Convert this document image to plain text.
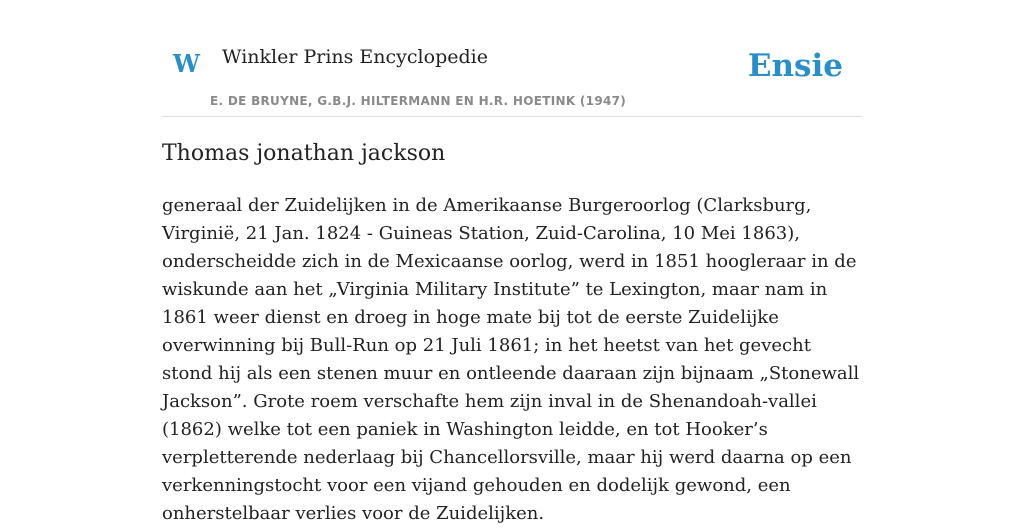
W Winkler Prins Encyclopedie
E. DE BRUYNE, G.B.J. HILTERMANN EN H.R. HOETINK (1947)
Ensie
Thomas jonathan jackson

generaal der Zuidelijken in de Amerikaanse Burgeroorlog (Clarksburg, Virginië, 21 Jan. 1824 - Guineas Station, Zuid-Carolina, 10 Mei 1863), onderscheidde zich in de Mexicaanse oorlog, werd in 1851 hoogleraar in de wiskunde aan het „Virginia Military Institute” te Lexington, maar nam in 1861 weer dienst en droeg in hoge mate bij tot de eerste Zuidelijke overwinning bij Bull-Run op 21 Juli 1861; in het heetst van het gevecht stond hij als een stenen muur en ontleende daaraan zijn bijnaam „Stonewall Jackson”. Grote roem verschafte hem zijn inval in de Shenandoah-vallei (1862) welke tot een paniek in Washington leidde, en tot Hooker’s verpletterende nederlaag bij Chancellorsville, maar hij werd daarna op een verkenningstocht voor een vijand gehouden en dodelijk gewond, een onherstelbaar verlies voor de Zuidelijken.
